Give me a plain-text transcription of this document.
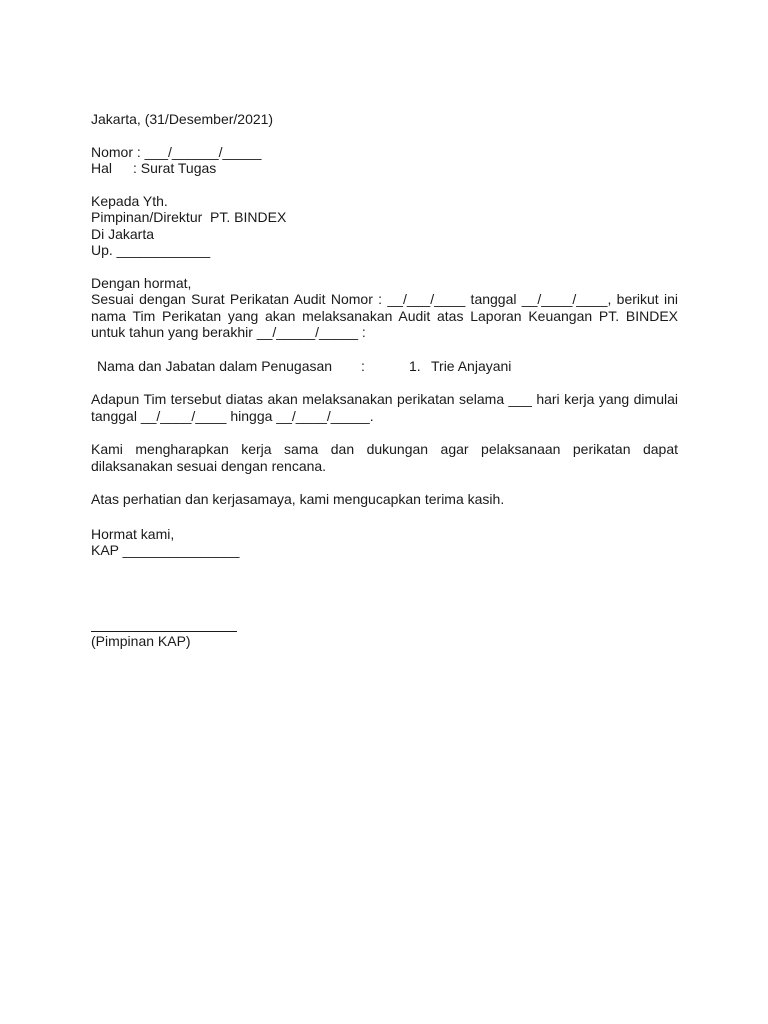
Jakarta, (31/Desember/2021)
Nomor : ___/______/_____
Hal	: Surat Tugas
Kepada Yth.
Pimpinan/Direktur  PT. BINDEX
Di Jakarta
Up. ____________
Dengan hormat,
Sesuai dengan Surat Perikatan Audit Nomor : __/___/____ tanggal __/____/____, berikut ini nama Tim Perikatan yang akan melaksanakan Audit atas Laporan Keuangan PT. BINDEX untuk tahun yang berakhir __/_____/_____ :
Nama dan Jabatan dalam Penugasan	:	1. Trie Anjayani
Adapun Tim tersebut diatas akan melaksanakan perikatan selama ___ hari kerja yang dimulai tanggal __/____/____ hingga __/____/_____.
Kami mengharapkan kerja sama dan dukungan agar pelaksanaan perikatan dapat dilaksanakan sesuai dengan rencana.
Atas perhatian dan kerjasamaya, kami mengucapkan terima kasih.
Hormat kami,
KAP _______________
(Pimpinan KAP)
